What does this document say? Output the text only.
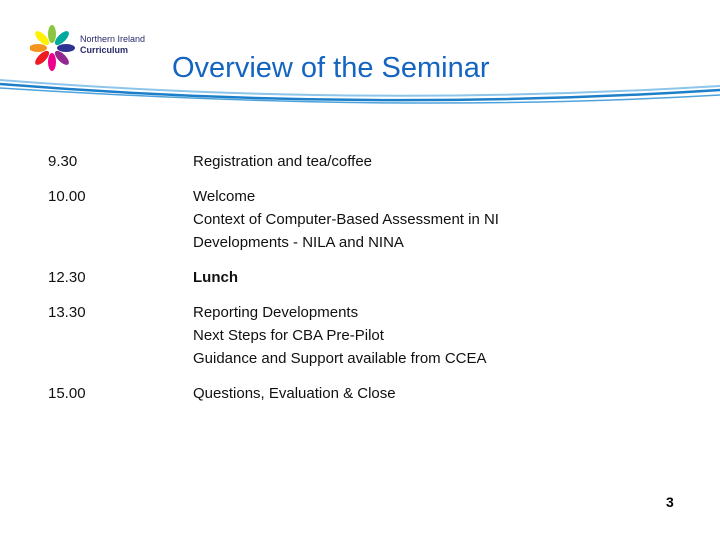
Northern Ireland
Curriculum
Overview of the Seminar
9.30	Registration and tea/coffee
10.00	Welcome
Context of Computer-Based Assessment in NI
Developments - NILA and NINA
12.30	Lunch
13.30	Reporting Developments
Next Steps for CBA Pre-Pilot
Guidance and Support available from CCEA
15.00	Questions, Evaluation & Close
3
